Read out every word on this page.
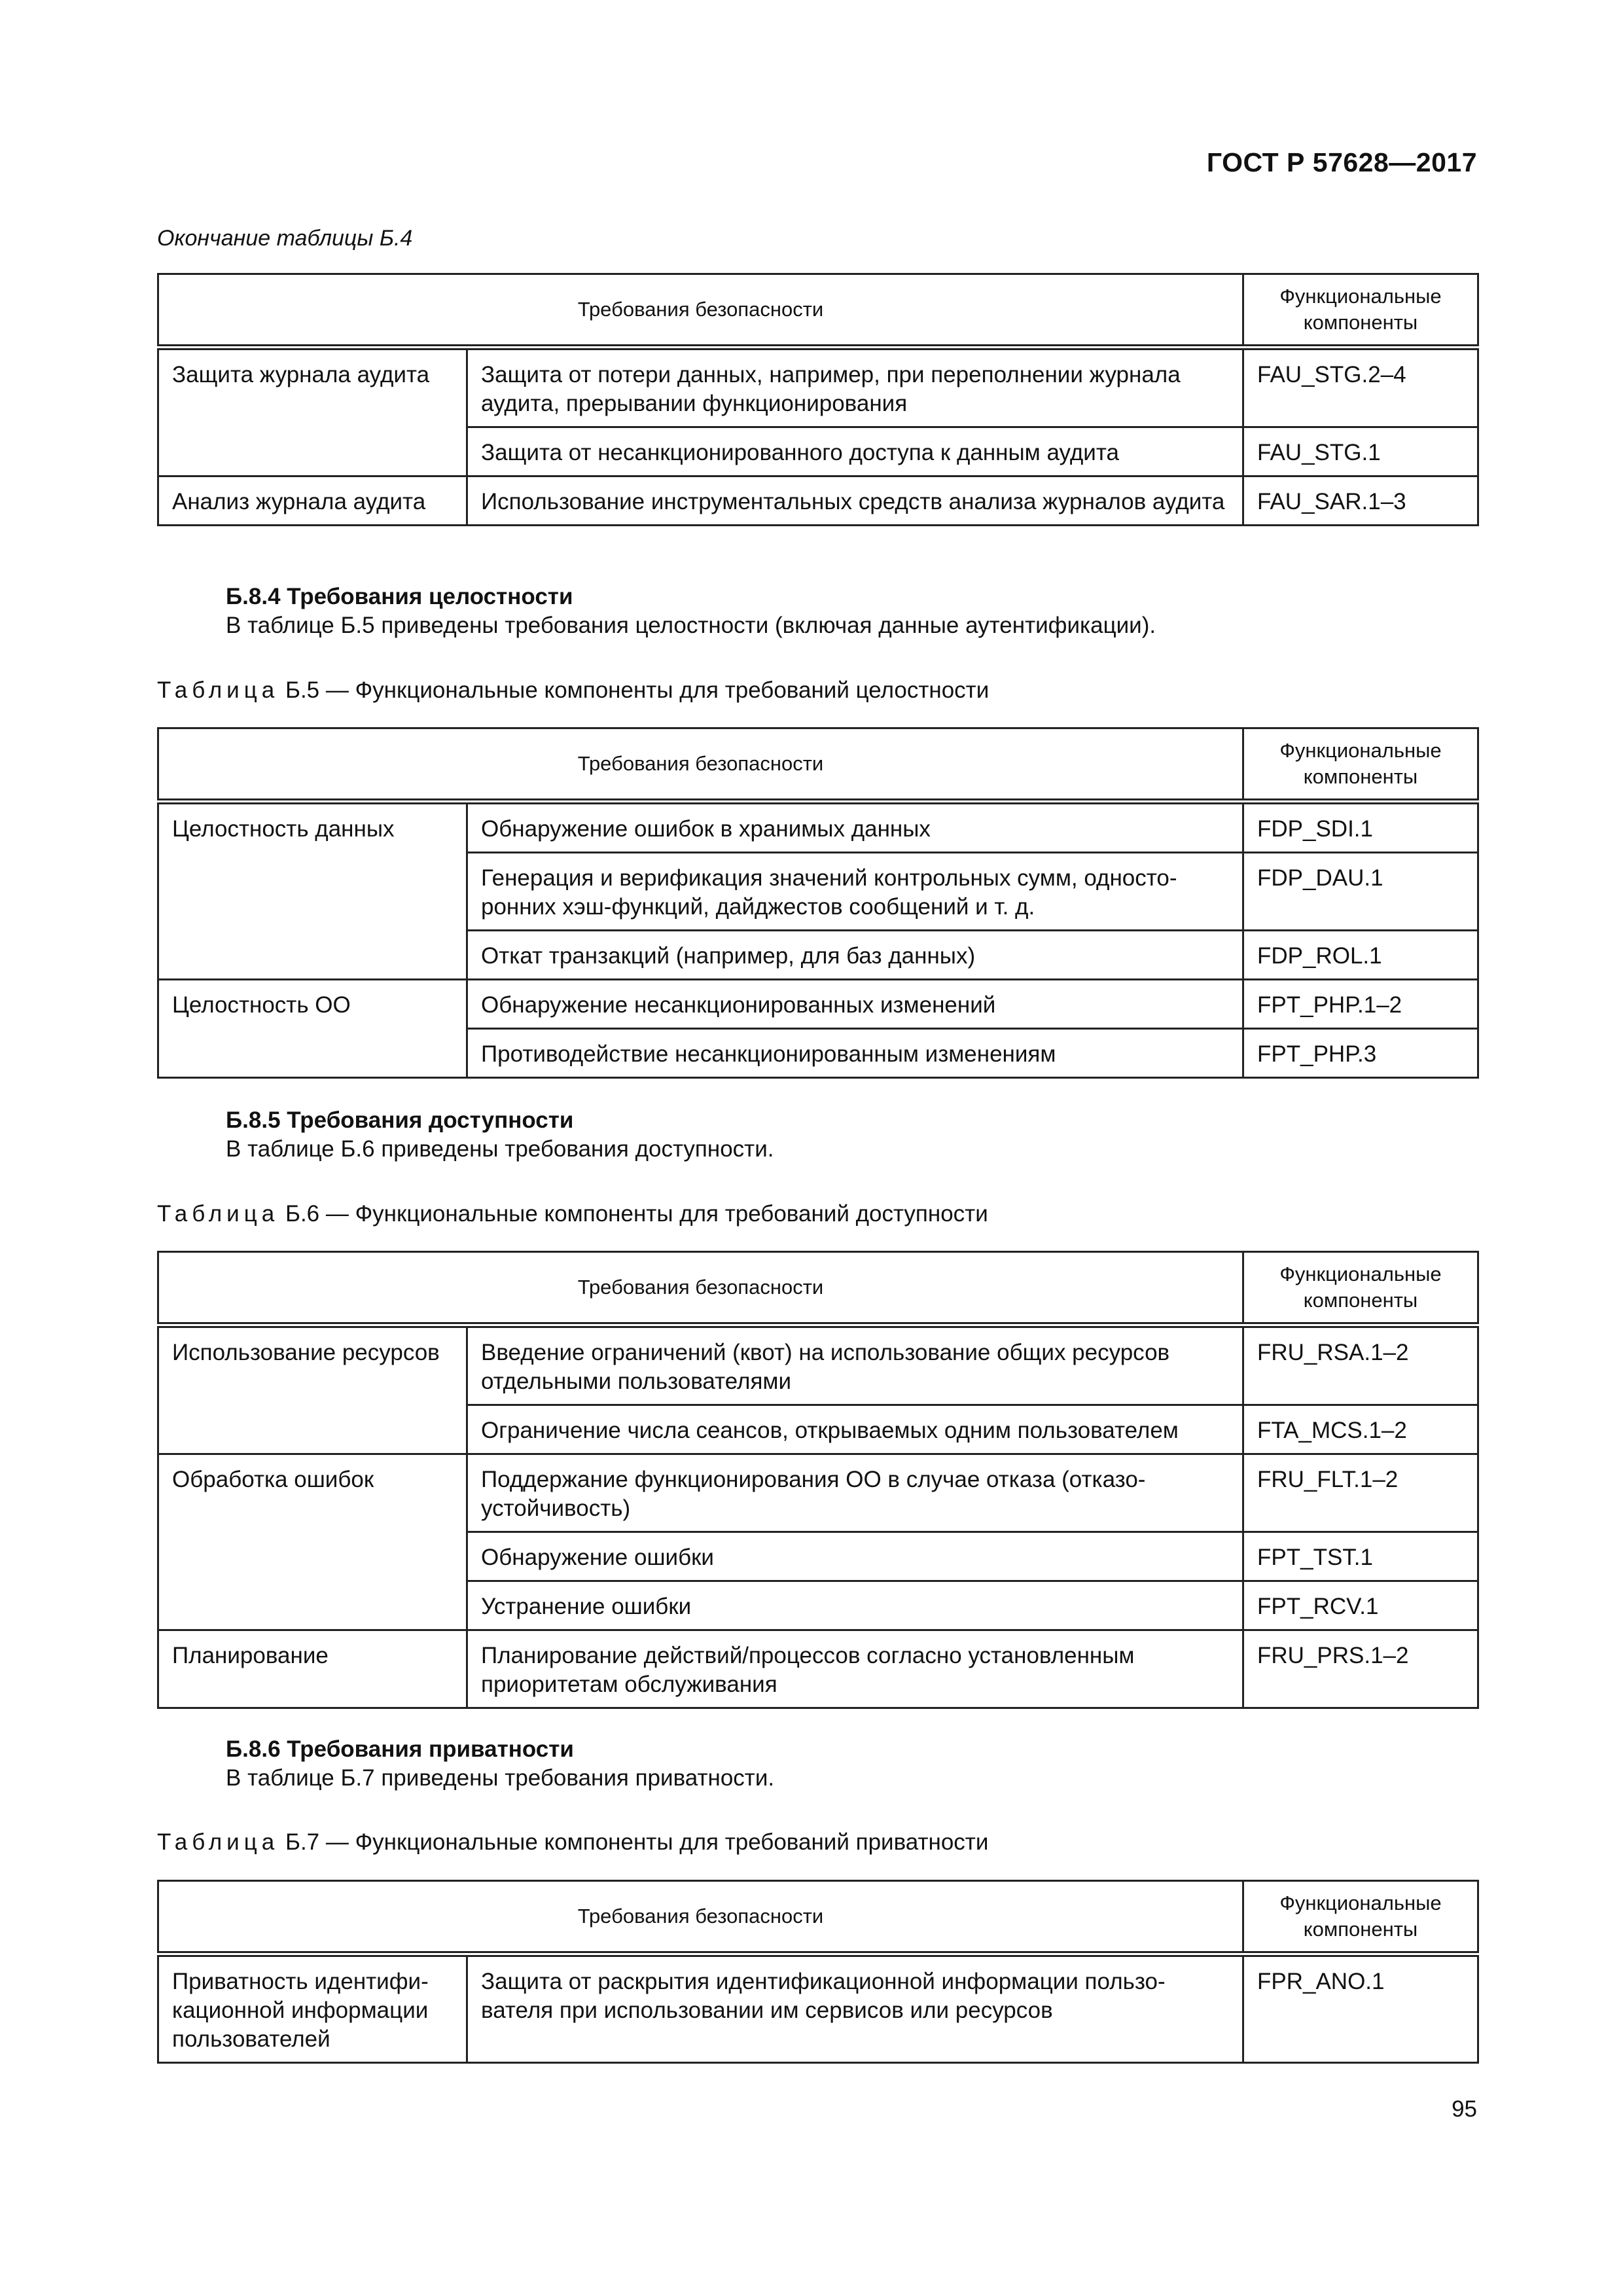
ГОСТ Р 57628—2017
Окончание таблицы Б.4
Требования безопасности		Функциональные компоненты
Защита журнала аудита	Защита от потери данных, например, при переполнении журнала аудита, прерывании функционирования	FAU_STG.2–4
	Защита от несанкционированного доступа к данным аудита	FAU_STG.1
Анализ журнала аудита	Использование инструментальных средств анализа журналов аудита	FAU_SAR.1–3
Б.8.4 Требования целостности
В таблице Б.5 приведены требования целостности (включая данные аутентификации).
Таблица Б.5 — Функциональные компоненты для требований целостности
Требования безопасности		Функциональные компоненты
Целостность данных	Обнаружение ошибок в хранимых данных	FDP_SDI.1
	Генерация и верификация значений контрольных сумм, односторонних хэш-функций, дайджестов сообщений и т. д.	FDP_DAU.1
	Откат транзакций (например, для баз данных)	FDP_ROL.1
Целостность ОО	Обнаружение несанкционированных изменений	FPT_PHP.1–2
	Противодействие несанкционированным изменениям	FPT_PHP.3
Б.8.5 Требования доступности
В таблице Б.6 приведены требования доступности.
Таблица Б.6 — Функциональные компоненты для требований доступности
Требования безопасности		Функциональные компоненты
Использование ресурсов	Введение ограничений (квот) на использование общих ресурсов отдельными пользователями	FRU_RSA.1–2
	Ограничение числа сеансов, открываемых одним пользователем	FTA_MCS.1–2
Обработка ошибок	Поддержание функционирования ОО в случае отказа (отказоустойчивость)	FRU_FLT.1–2
	Обнаружение ошибки	FPT_TST.1
	Устранение ошибки	FPT_RCV.1
Планирование	Планирование действий/процессов согласно установленным приоритетам обслуживания	FRU_PRS.1–2
Б.8.6 Требования приватности
В таблице Б.7 приведены требования приватности.
Таблица Б.7 — Функциональные компоненты для требований приватности
Требования безопасности		Функциональные компоненты
Приватность идентификационной информации пользователей	Защита от раскрытия идентификационной информации пользователя при использовании им сервисов или ресурсов	FPR_ANO.1
95
